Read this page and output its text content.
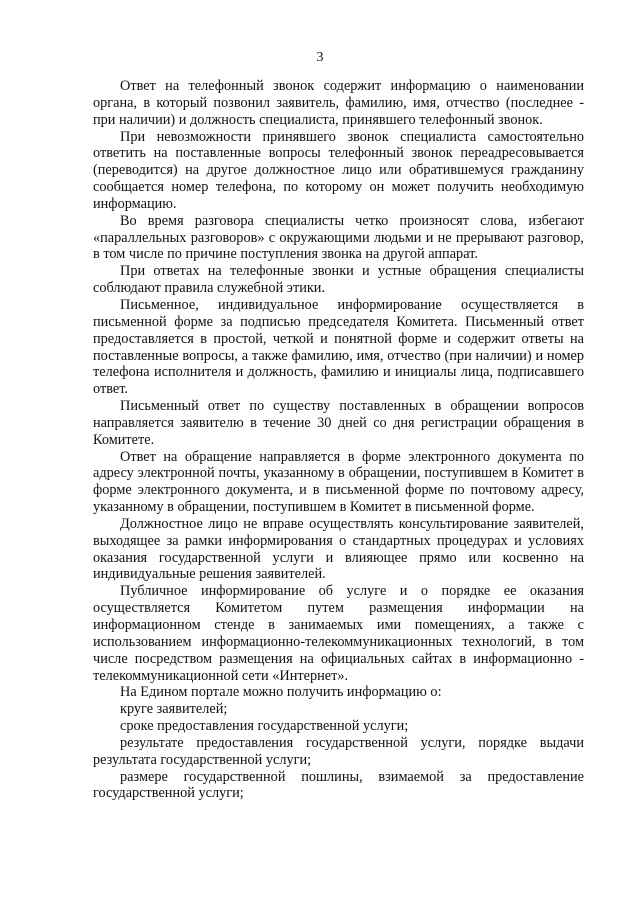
3

Ответ на телефонный звонок содержит информацию о наименовании органа, в который позвонил заявитель, фамилию, имя, отчество (последнее - при наличии) и должность специалиста, принявшего телефонный звонок.

При невозможности принявшего звонок специалиста самостоятельно ответить на поставленные вопросы телефонный звонок переадресовывается (переводится) на другое должностное лицо или обратившемуся гражданину сообщается номер телефона, по которому он может получить необходимую информацию.

Во время разговора специалисты четко произносят слова, избегают «параллельных разговоров» с окружающими людьми и не прерывают разговор, в том числе по причине поступления звонка на другой аппарат.

При ответах на телефонные звонки и устные обращения специалисты соблюдают правила служебной этики.

Письменное, индивидуальное информирование осуществляется в письменной форме за подписью председателя Комитета. Письменный ответ предоставляется в простой, четкой и понятной форме и содержит ответы на поставленные вопросы, а также фамилию, имя, отчество (при наличии) и номер телефона исполнителя и должность, фамилию и инициалы лица, подписавшего ответ.

Письменный ответ по существу поставленных в обращении вопросов направляется заявителю в течение 30 дней со дня регистрации обращения в Комитете.

Ответ на обращение направляется в форме электронного документа по адресу электронной почты, указанному в обращении, поступившем в Комитет в форме электронного документа, и в письменной форме по почтовому адресу, указанному в обращении, поступившем в Комитет в письменной форме.

Должностное лицо не вправе осуществлять консультирование заявителей, выходящее за рамки информирования о стандартных процедурах и условиях оказания государственной услуги и влияющее прямо или косвенно на индивидуальные решения заявителей.

Публичное информирование об услуге и о порядке ее оказания осуществляется Комитетом путем размещения информации на информационном стенде в занимаемых ими помещениях, а также с использованием информационно-телекоммуникационных технологий, в том числе посредством размещения на официальных сайтах в информационно - телекоммуникационной сети «Интернет».

На Едином портале можно получить информацию о:

круге заявителей;

сроке предоставления государственной услуги;

результате предоставления государственной услуги, порядке выдачи результата государственной услуги;

размере государственной пошлины, взимаемой за предоставление государственной услуги;
